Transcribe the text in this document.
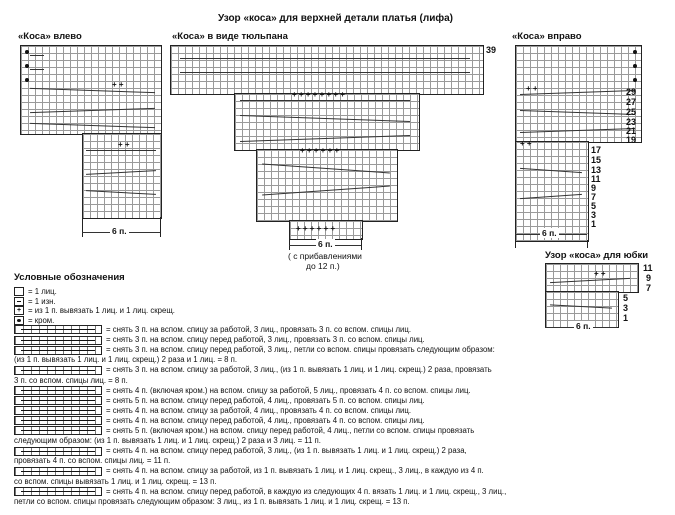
Узор «коса» для верхней детали платья (лифа)
«Коса» влево
+ +
+ +
6 п.
«Коса» в виде тюльпана
39
+ + + + + + + +
+ + + + + +
+ + + + + +
6 п.
( с прибавлениями
до 12 п.)
«Коса» вправо
+ +
+ +
6 п.
29
27
25
23
21
19
17
15
13
11
9
7
5
3
1
Узор «коса» для юбки
+ +
6 п.
11
9
7
5
3
1
Условные обозначения
= 1 лиц.
= 1 изн.
+ = из 1 п. вывязать 1 лиц. и 1 лиц. скрещ.
= кром.
= снять 3 п. на вспом. спицу за работой, 3 лиц., провязать 3 п. со вспом. спицы лиц.
= снять 3 п. на вспом. спицу перед работой, 3 лиц., провязать 3 п. со вспом. спицы лиц.
= снять 3 п. на вспом. спицу перед работой, 3 лиц., петли со вспом. спицы провязать следующим образом:
(из 1 п. вывязать 1 лиц. и 1 лиц. скрещ.) 2 раза и 1 лиц. = 8 п.
= снять 3 п. на вспом. спицу за работой, 3 лиц., (из 1 п. вывязать 1 лиц. и 1 лиц. скрещ.) 2 раза, провязать
3 п. со вспом. спицы лиц. = 8 п.
= снять 4 п. (включая кром.) на вспом. спицу за работой, 5 лиц., провязать 4 п. со вспом. спицы лиц.
= снять 5 п. на вспом. спицу перед работой, 4 лиц., провязать 5 п. со вспом. спицы лиц.
= снять 4 п. на вспом. спицу за работой, 4 лиц., провязать 4 п. со вспом. спицы лиц.
= снять 4 п. на вспом. спицу перед работой, 4 лиц., провязать 4 п. со вспом. спицы лиц.
= снять 5 п. (включая кром.) на вспом. спицу перед работой, 4 лиц., петли со вспом. спицы провязать
следующим образом: (из 1 п. вывязать 1 лиц. и 1 лиц. скрещ.) 2 раза и 3 лиц. = 11 п.
= снять 4 п. на вспом. спицу перед работой, 3 лиц., (из 1 п. вывязать 1 лиц. и 1 лиц. скрещ.) 2 раза,
провязать 4 п. со вспом. спицы лиц. = 11 п.
= снять 4 п. на вспом. спицу за работой, из 1 п. вывязать 1 лиц. и 1 лиц. скрещ., 3 лиц., в каждую из 4 п.
со вспом. спицы вывязать 1 лиц. и 1 лиц. скрещ. = 13 п.
= снять 4 п. на вспом. спицу перед работой, в каждую из следующих 4 п. вязать 1 лиц. и 1 лиц. скрещ., 3 лиц.,
петли со вспом. спицы провязать следующим образом: 3 лиц., из 1 п. вывязать 1 лиц. и 1 лиц. скрещ. = 13 п.
